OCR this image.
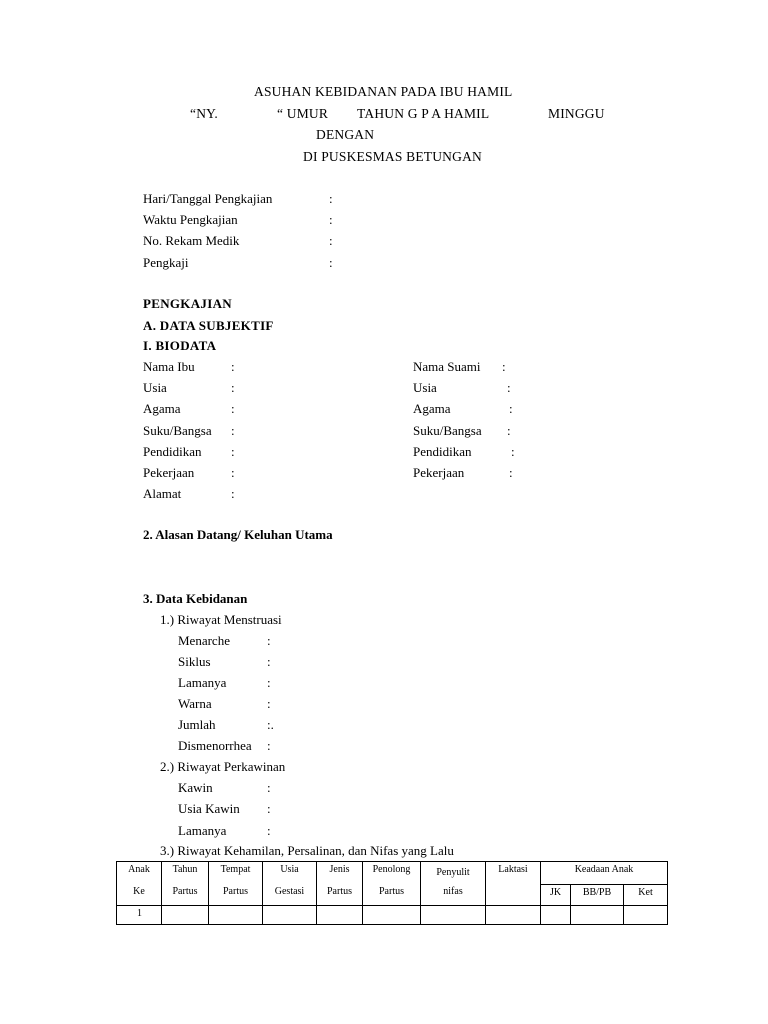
ASUHAN KEBIDANAN PADA IBU HAMIL
“NY.	“ UMUR TAHUN G P A HAMIL	MINGGU
DENGAN
DI PUSKESMAS BETUNGAN
Hari/Tanggal Pengkajian	:
Waktu Pengkajian	:
No. Rekam Medik	:
Pengkaji	:
PENGKAJIAN
A. DATA SUBJEKTIF
I. BIODATA
Nama Ibu	:
Usia	:
Agama	:
Suku/Bangsa :
Pendidikan :
Pekerjaan	:
Alamat	:
Nama Suami :
Usia	:
Agama	:
Suku/Bangsa :
Pendidikan	:
Pekerjaan	:
2. Alasan Datang/ Keluhan Utama
3. Data Kebidanan
1.) Riwayat Menstruasi
Menarche	:
Siklus	:
Lamanya	:
Warna	:
Jumlah	:.
Dismenorrhea :
2.) Riwayat Perkawinan
Kawin	:
Usia Kawin :
Lamanya	:
3.) Riwayat Kehamilan, Persalinan, dan Nifas yang Lalu
Anak	Tahun	Tempat	Usia	Jenis	Penolong	Penyulit	Laktasi	Keadaan Anak		
Ke	Partus	Partus	Gestasi	Partus	Partus	nifas		JK	BB/PB	Ket
1										
